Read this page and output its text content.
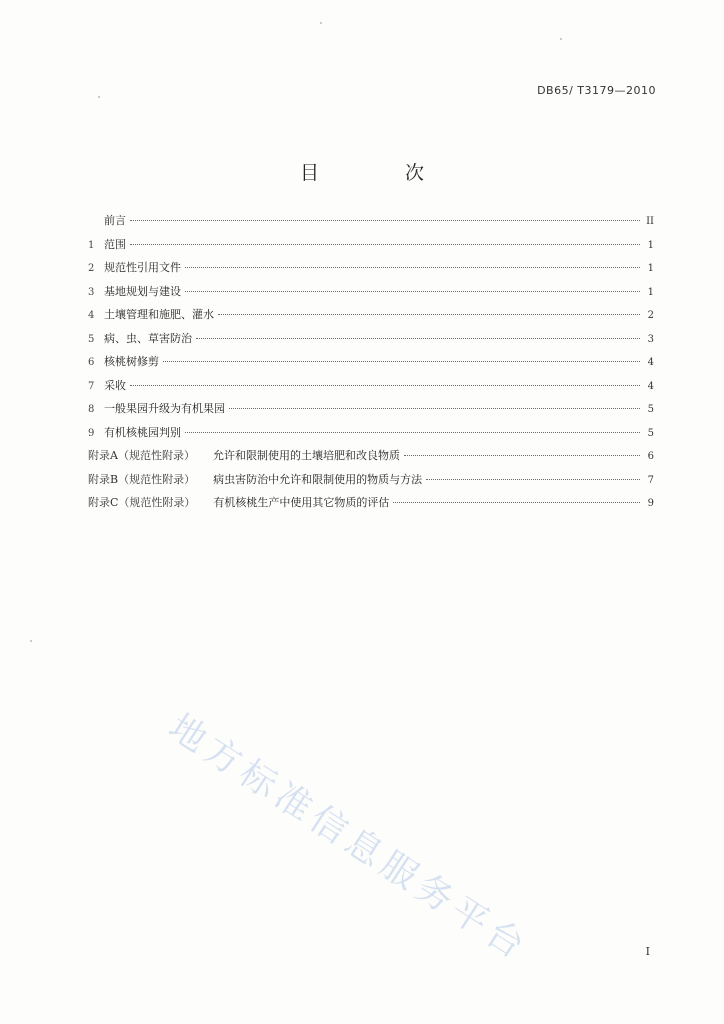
DB65/ T3179—2010
目 次
前言	II
1 范围	1
2 规范性引用文件	1
3 基地规划与建设	1
4 土壤管理和施肥、灌水	2
5 病、虫、草害防治	3
6 核桃树修剪	4
7 采收	4
8 一般果园升级为有机果园	5
9 有机核桃园判别	5
附录A（规范性附录） 允许和限制使用的土壤培肥和改良物质	6
附录B（规范性附录） 病虫害防治中允许和限制使用的物质与方法	7
附录C（规范性附录） 有机核桃生产中使用其它物质的评估	9
地方标准信息服务平台	I
